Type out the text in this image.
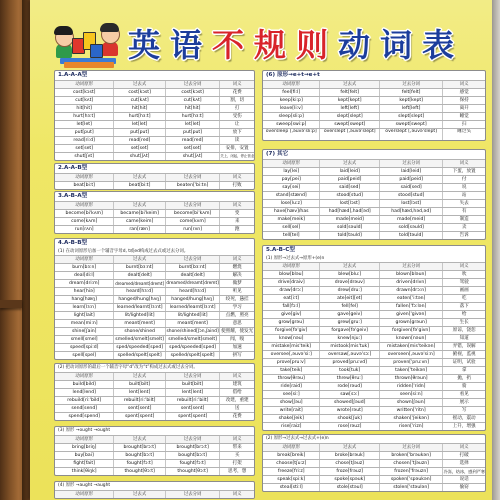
英语不规则动词表
1.A-A-A型
动词原形	过去式	过去分词	词义
cost[kɔst]	cost[kɔst]	cost[kɔst]	花费
cut[kʌt]	cut[kʌt]	cut[kʌt]	割，切
hit[hit]	hit[hit]	hit[hit]	打
hurt[hɜ:t]	hurt[hɜ:t]	hurt[hɜ:t]	受伤
let[let]	let[let]	let[let]	让
put[put]	put[put]	put[put]	放下
read[ri:d]	read[red]	read[red]	读
set[set]	set[set]	set[set]	安排，安置
shut[ʃʌt]	shut[ʃʌt]	shut[ʃʌt]	关上，闭起，停止营业
2.A-A-B型
动词原形	过去式	过去分词	词义
beat[bi:t]	beat[bi:t]	beaten['bi:tn]	打败
3.A-B-A型
动词原形	过去式	过去分词	词义
become[bi'kʌm]	became[bi'keim]	become[bi'kʌm]	变
come[kʌm]	came[keim]	come[kʌm]	来
run[rʌn]	ran[ræn]	run[rʌn]	跑
4.A-B-B型
(1) 在动词原形后加一个辅音字母d, t或ed构成过去式或过去分词。
动词原形	过去式	过去分词	词义
burn[bɜ:n]	burnt[bɜ:nt]	burnt[bɜ:nt]	燃烧
deal[di:l]	dealt[delt]	dealt[delt]	解决
dream[dri:m]	dreamed/dreamt[dremt] dreamed/dreamt[dremt]	做梦
hear[hiə]	heard[hɜ:d]	heard[hɜ:d]	听见
hang[hæŋ]	hanged/hung[hʌŋ]	hanged/hung[hʌŋ]	绞死，悬挂
learn[lɜ:n]	learned/learnt[lɜ:nt]	learned/learnt[lɜ:nt]	学习
light[lait]	lit/lighted[lit]	lit/lighted[lit]	点燃，照亮
mean[mi:n]	meant[ment]	meant[ment]	意思
shine[ʃain]	shone/shined	shone/shined[ʃɔn,ʃaind] 使照耀，使发光
smell[smel]	smelled/smelt[smelt] smelled/smelt[smelt]	闻，嗅
speed[spi:d]	sped/speeded[sped]	sped/speeded[sped]	加速
spell[spel]	spelled/spelt[spelt]	spelled/spelt[spelt]	拼写
(2) 把动词原形的最后一个辅音字母“d”改为“t”构成过去式或过去分词。
动词原形	过去式	过去分词	词义
build[bild]	built[bilt]	built[bilt]	建筑
lend[lend]	lent[lent]	lent[lent]	借给
rebuild[ri:'bild]	rebuilt[ri:'bilt]	rebuilt[ri:'bilt]	改建，重建
send[send]	sent[sent]	sent[sent]	送
spend[spend]	spent[spent]	spent[spent]	花费
(3) 原形 →ought →ought
动词原形	过去式	过去分词	词义
bring[briŋ]	brought[brɔ:t]	brought[brɔ:t]	带来
buy[bai]	bought[bɔ:t]	bought[bɔ:t]	买
fight[fait]	fought[fɔ:t]	fought[fɔ:t]	打架
think[θiŋk]	thought[θɔ:t]	thought[θɔ:t]	思考，想
(4) 原形 →aught →aught
动词原形	过去式	过去分词	词义
(6) 原形→e+t→e+t
动词原形	过去式	过去分词	词义
feel[fi:l]	felt[felt]	felt[felt]	感觉
keep[ki:p]	kept[kept]	kept[kept]	保持
leave[li:v]	left[left]	left[left]	离开
sleep[sli:p]	slept[slept]	slept[slept]	睡觉
sweep[swi:p]	swept[swept]	swept[swept]	扫
oversleep [,əuvə'sli:p]	overslept [,əuvə'slept]	overslept [,əuvə'slept]	睡过头
(7) 其它
动词原形	过去式	过去分词	词义
lay[lei]	laid[leid]	laid[leid]	下蛋，放置
pay[pei]	paid[peid]	paid[peid]	付
say[sei]	said[sed]	said[sed]	说
stand[stænd]	stood[stud]	stood[stud]	站
lose[lu:z]	lost[lɔst]	lost[lɔst]	失去
have[hæv]/has	had[hæd],had[əd]	had[hæd,həd,əd]	有
make[meik]	made[meid]	made[meid]	制造
sell[sel]	sold[səuld]	sold[səuld]	卖
tell[tel]	told[təuld]	told[təuld]	告诉
5.A-B-C型
(1) 原形→过去式→原形+(e)n
动词原形	过去式	过去分词	词义
blow[bləu]	blew[blu:]	blown[bləun]	吹
drive[draiv]	drove[drəuv]	driven[drivn]	驾驶
draw[drɔ:]	drew[dru:]	drawn[drɔ:n]	画画
eat[i:t]	ate[eit][et]	eaten['i:tən]	吃
fall[fɔ:l]	fell[fel]	fallen['fɔ:lən]	落下
give[giv]	gave[geiv]	given['givən]	给
grow[grəu]	grew[gru:]	grown[grəun]	生长
forgive[fə'giv]	forgave[fə'geiv]	forgiven[fə'givn]	原谅，饶恕
know[nəu]	knew[nju:]	known[nəun]	知道
mistake[mis'teik]	mistook[mis'tuk]	mistaken[mis'teikən]	弄错，误解
oversee[,əuvə'si:]	oversaw[,əuvə'sɔ:]	overseen[,əuvə'si:n]	俯视，监视
prove[pru:v]	proved[pru:vd]	proven['pru:vn]	证明，试验
take[teik]	took[tuk]	taken['teikən]	拿
throw[θrəu]	threw[θru:]	thrown[θrəun]	抛，扔
ride[raid]	rode[rəud]	ridden['ridn]	骑
see[si:]	saw[sɔ:]	seen[si:n]	看见
show[ʃəu]	showed[ʃəud]	shown[ʃəun]	展示
write[rait]	wrote[rəut]	written['ritn]	写
shake[ʃeik]	shook[ʃuk]	shaken['ʃeikən]	摇动，震动
rise[raiz]	rose[rəuz]	risen['rizn]	上升，增强
(2) 原形→过去式→过去式+(e)n
动词原形	过去式	过去分词	词义
break[breik]	broke[brəuk]	broken['brəukən]	打破
choose[tʃu:z]	chose[tʃəuz]	chosen['tʃəuzn]	选择
freeze[fri:z]	froze[frəuz]	frozen['frəuzn]	冷冻，结冰，感到严寒
speak[spi:k]	spoke[spəuk]	spoken['spəukən]	说话
steal[sti:l]	stole[stəul]	stolen['stəulən]	偷窃
